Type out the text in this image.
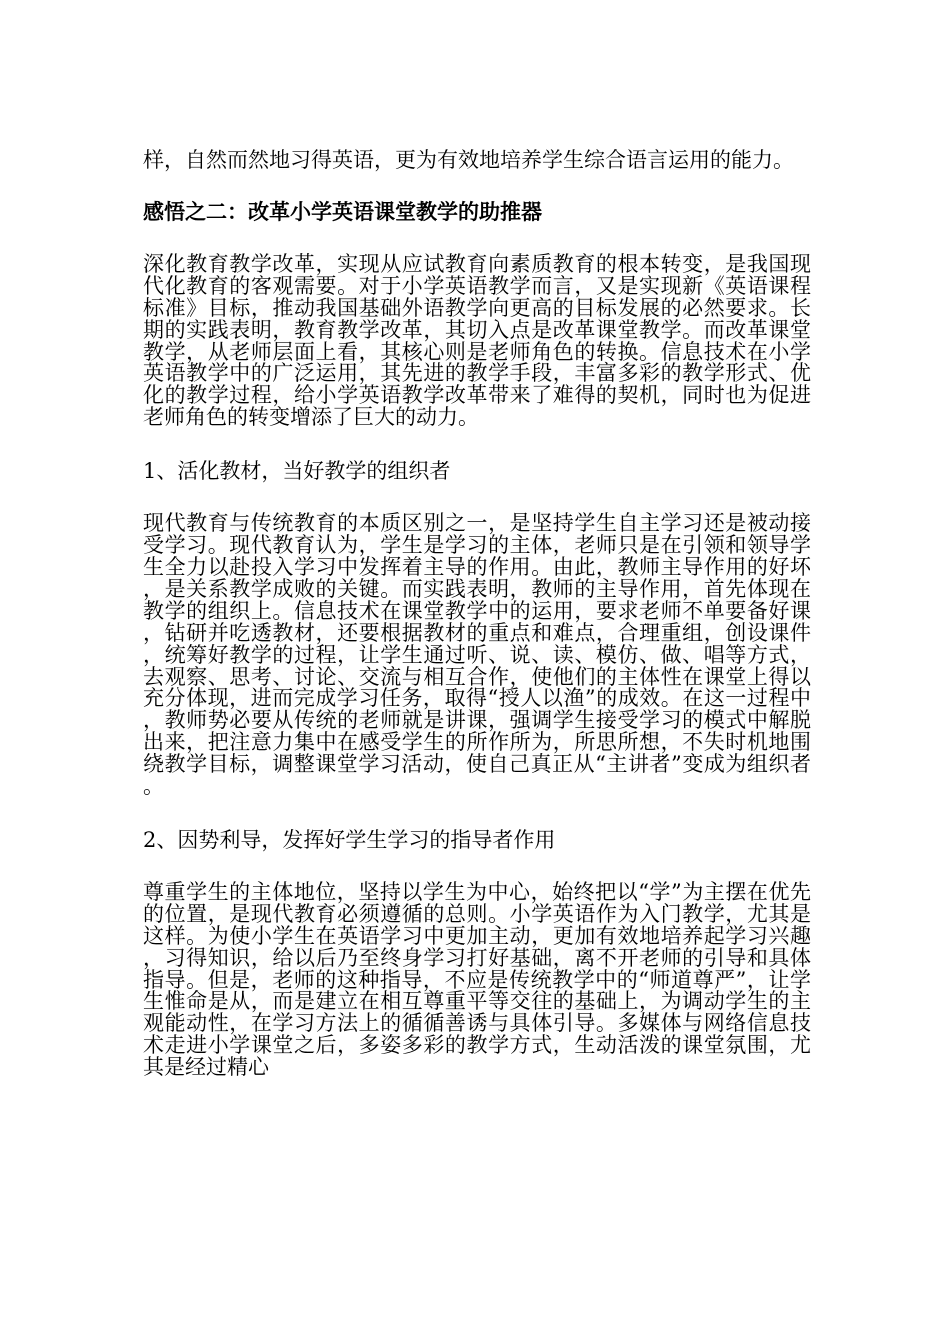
样，自然而然地习得英语，更为有效地培养学生综合语言运用的能力。

感悟之二：改革小学英语课堂教学的助推器

深化教育教学改革，实现从应试教育向素质教育的根本转变，是我国现代化教育的客观需要。对于小学英语教学而言，又是实现新《英语课程标准》目标，推动我国基础外语教学向更高的目标发展的必然要求。长期的实践表明，教育教学改革，其切入点是改革课堂教学。而改革课堂教学，从老师层面上看，其核心则是老师角色的转换。信息技术在小学英语教学中的广泛运用，其先进的教学手段，丰富多彩的教学形式、优化的教学过程，给小学英语教学改革带来了难得的契机，同时也为促进老师角色的转变增添了巨大的动力。

1、活化教材，当好教学的组织者

现代教育与传统教育的本质区别之一，是坚持学生自主学习还是被动接受学习。现代教育认为，学生是学习的主体，老师只是在引领和领导学生全力以赴投入学习中发挥着主导的作用。由此，教师主导作用的好坏，是关系教学成败的关键。而实践表明，教师的主导作用，首先体现在教学的组织上。信息技术在课堂教学中的运用，要求老师不单要备好课，钻研并吃透教材，还要根据教材的重点和难点，合理重组，创设课件，统筹好教学的过程，让学生通过听、说、读、模仿、做、唱等方式，去观察、思考、讨论、交流与相互合作，使他们的主体性在课堂上得以充分体现，进而完成学习任务，取得“授人以渔”的成效。在这一过程中，教师势必要从传统的老师就是讲课，强调学生接受学习的模式中解脱出来，把注意力集中在感受学生的所作所为，所思所想，不失时机地围绕教学目标，调整课堂学习活动，使自己真正从“主讲者”变成为组织者。

2、因势利导，发挥好学生学习的指导者作用

尊重学生的主体地位，坚持以学生为中心，始终把以“学”为主摆在优先的位置，是现代教育必须遵循的总则。小学英语作为入门教学，尤其是这样。为使小学生在英语学习中更加主动，更加有效地培养起学习兴趣，习得知识，给以后乃至终身学习打好基础，离不开老师的引导和具体指导。但是，老师的这种指导，不应是传统教学中的“师道尊严”，让学生惟命是从，而是建立在相互尊重平等交往的基础上，为调动学生的主观能动性，在学习方法上的循循善诱与具体引导。多媒体与网络信息技术走进小学课堂之后，多姿多彩的教学方式，生动活泼的课堂氛围，尤其是经过精心
